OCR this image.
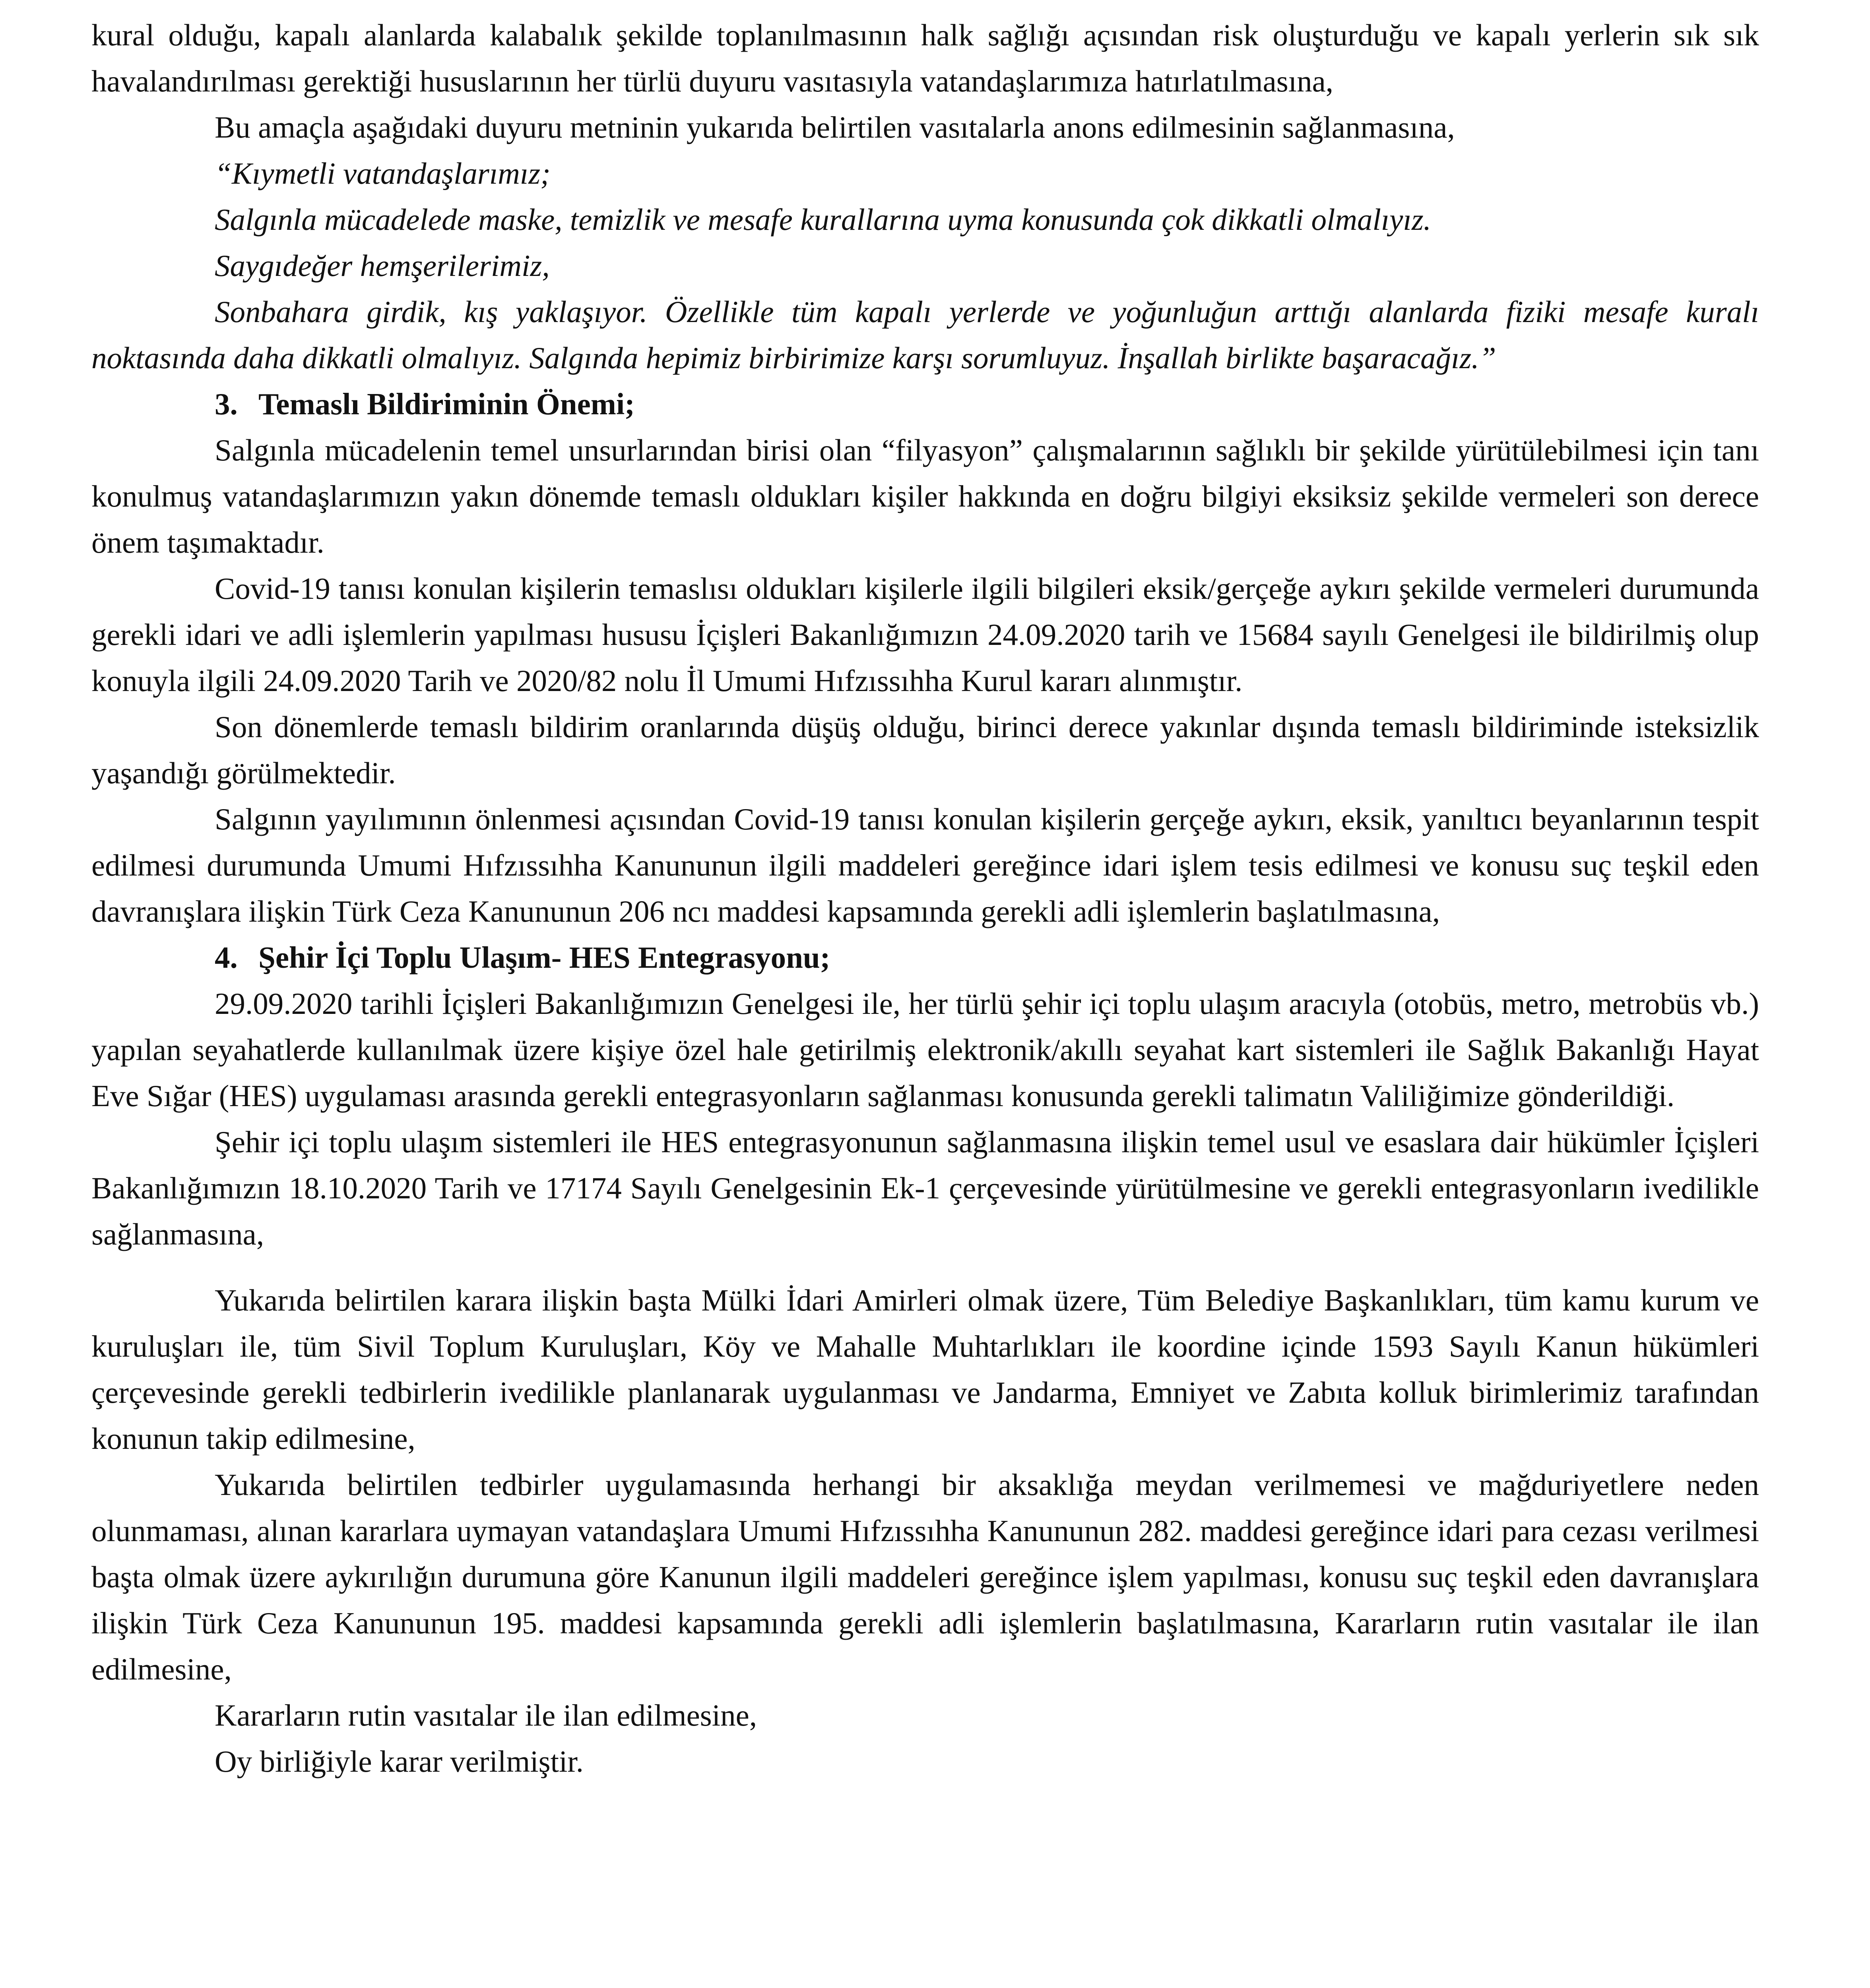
kural olduğu, kapalı alanlarda kalabalık şekilde toplanılmasının halk sağlığı açısından risk oluşturduğu ve kapalı yerlerin sık sık havalandırılması gerektiği hususlarının her türlü duyuru vasıtasıyla vatandaşlarımıza hatırlatılmasına,

Bu amaçla aşağıdaki duyuru metninin yukarıda belirtilen vasıtalarla anons edilmesinin sağlanmasına,

“Kıymetli vatandaşlarımız;

Salgınla mücadelede maske, temizlik ve mesafe kurallarına uyma konusunda çok dikkatli olmalıyız.

Saygıdeğer hemşerilerimiz,

Sonbahara girdik, kış yaklaşıyor. Özellikle tüm kapalı yerlerde ve yoğunluğun arttığı alanlarda fiziki mesafe kuralı noktasında daha dikkatli olmalıyız. Salgında hepimiz birbirimize karşı sorumluyuz. İnşallah birlikte başaracağız.”

3. Temaslı Bildiriminin Önemi;

Salgınla mücadelenin temel unsurlarından birisi olan “filyasyon” çalışmalarının sağlıklı bir şekilde yürütülebilmesi için tanı konulmuş vatandaşlarımızın yakın dönemde temaslı oldukları kişiler hakkında en doğru bilgiyi eksiksiz şekilde vermeleri son derece önem taşımaktadır.

Covid-19 tanısı konulan kişilerin temaslısı oldukları kişilerle ilgili bilgileri eksik/gerçeğe aykırı şekilde vermeleri durumunda gerekli idari ve adli işlemlerin yapılması hususu İçişleri Bakanlığımızın 24.09.2020 tarih ve 15684 sayılı Genelgesi ile bildirilmiş olup konuyla ilgili 24.09.2020 Tarih ve 2020/82 nolu İl Umumi Hıfzıssıhha Kurul kararı alınmıştır.

Son dönemlerde temaslı bildirim oranlarında düşüş olduğu, birinci derece yakınlar dışında temaslı bildiriminde isteksizlik yaşandığı görülmektedir.

Salgının yayılımının önlenmesi açısından Covid-19 tanısı konulan kişilerin gerçeğe aykırı, eksik, yanıltıcı beyanlarının tespit edilmesi durumunda Umumi Hıfzıssıhha Kanununun ilgili maddeleri gereğince idari işlem tesis edilmesi ve konusu suç teşkil eden davranışlara ilişkin Türk Ceza Kanununun 206 ncı maddesi kapsamında gerekli adli işlemlerin başlatılmasına,

4. Şehir İçi Toplu Ulaşım- HES Entegrasyonu;

29.09.2020 tarihli İçişleri Bakanlığımızın Genelgesi ile, her türlü şehir içi toplu ulaşım aracıyla (otobüs, metro, metrobüs vb.) yapılan seyahatlerde kullanılmak üzere kişiye özel hale getirilmiş elektronik/akıllı seyahat kart sistemleri ile Sağlık Bakanlığı Hayat Eve Sığar (HES) uygulaması arasında gerekli entegrasyonların sağlanması konusunda gerekli talimatın Valiliğimize gönderildiği.

Şehir içi toplu ulaşım sistemleri ile HES entegrasyonunun sağlanmasına ilişkin temel usul ve esaslara dair hükümler İçişleri Bakanlığımızın 18.10.2020 Tarih ve 17174 Sayılı Genelgesinin Ek-1 çerçevesinde yürütülmesine ve gerekli entegrasyonların ivedilikle sağlanmasına,

Yukarıda belirtilen karara ilişkin başta Mülki İdari Amirleri olmak üzere, Tüm Belediye Başkanlıkları, tüm kamu kurum ve kuruluşları ile, tüm Sivil Toplum Kuruluşları, Köy ve Mahalle Muhtarlıkları ile koordine içinde 1593 Sayılı Kanun hükümleri çerçevesinde gerekli tedbirlerin ivedilikle planlanarak uygulanması ve Jandarma, Emniyet ve Zabıta kolluk birimlerimiz tarafından konunun takip edilmesine,

Yukarıda belirtilen tedbirler uygulamasında herhangi bir aksaklığa meydan verilmemesi ve mağduriyetlere neden olunmaması, alınan kararlara uymayan vatandaşlara Umumi Hıfzıssıhha Kanununun 282. maddesi gereğince idari para cezası verilmesi başta olmak üzere aykırılığın durumuna göre Kanunun ilgili maddeleri gereğince işlem yapılması, konusu suç teşkil eden davranışlara ilişkin Türk Ceza Kanununun 195. maddesi kapsamında gerekli adli işlemlerin başlatılmasına, Kararların rutin vasıtalar ile ilan edilmesine,

Kararların rutin vasıtalar ile ilan edilmesine,

Oy birliğiyle karar verilmiştir.
